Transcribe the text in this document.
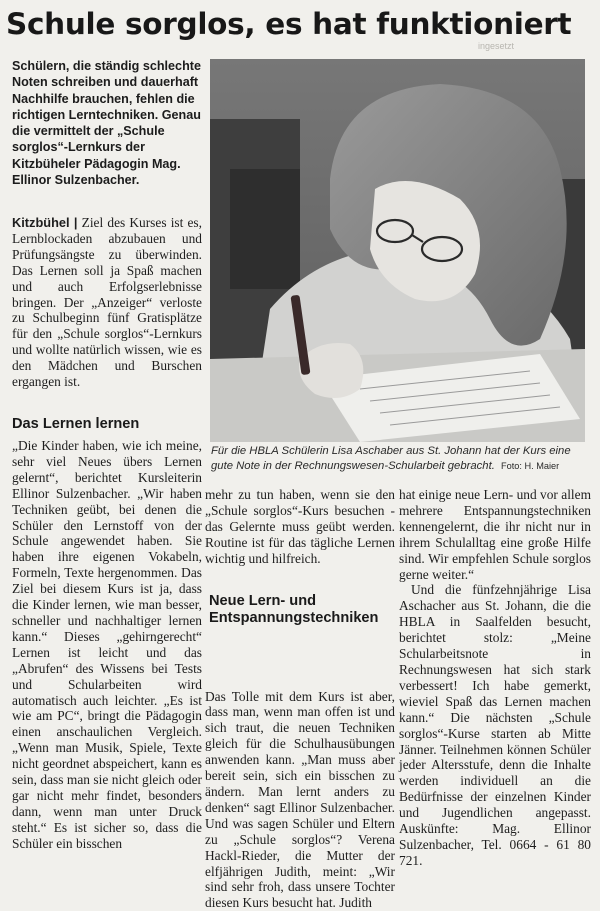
Schule sorglos, es hat funktioniert
ingesetzt

Schülern, die ständig schlechte Noten schreiben und dauerhaft Nachhilfe brauchen, fehlen die richtigen Lerntechniken. Genau die vermittelt der „Schule sorglos“-Lernkurs der Kitzbüheler Pädagogin Mag. Ellinor Sulzenbacher.

Für die HBLA Schülerin Lisa Aschaber aus St. Johann hat der Kurs eine gute Note in der Rechnungswesen-Schularbeit gebracht. Foto: H. Maier

Kitzbühel | Ziel des Kurses ist es, Lernblockaden abzubauen und Prüfungsängste zu überwinden. Das Lernen soll ja Spaß machen und auch Erfolgserlebnisse bringen. Der „Anzeiger“ verloste zu Schulbeginn fünf Gratisplätze für den „Schule sorglos“-Lernkurs und wollte natürlich wissen, wie es den Mädchen und Burschen ergangen ist.

Das Lernen lernen

„Die Kinder haben, wie ich meine, sehr viel Neues übers Lernen gelernt“, berichtet Kursleiterin Ellinor Sulzenbacher. „Wir haben Techniken geübt, bei denen die Schüler den Lernstoff von der Schule angewendet haben. Sie haben ihre eigenen Vokabeln, Formeln, Texte hergenommen. Das Ziel bei diesem Kurs ist ja, dass die Kinder lernen, wie man besser, schneller und nachhaltiger lernen kann.“ Dieses „gehirngerecht“ Lernen ist leicht und das „Abrufen“ des Wissens bei Tests und Schularbeiten wird automatisch auch leichter. „Es ist wie am PC“, bringt die Pädagogin einen anschaulichen Vergleich. „Wenn man Musik, Spiele, Texte nicht geordnet abspeichert, kann es sein, dass man sie nicht gleich oder gar nicht mehr findet, besonders dann, wenn man unter Druck steht.“ Es ist sicher so, dass die Schüler ein bisschen

mehr zu tun haben, wenn sie den „Schule sorglos“-Kurs besuchen - das Gelernte muss geübt werden. Routine ist für das tägliche Lernen wichtig und hilfreich.

Das Tolle mit dem Kurs ist aber, dass man, wenn man offen ist und sich traut, die neuen Techniken gleich für die Schulhausübungen anwenden kann. „Man muss aber bereit sein, sich ein bisschen zu ändern. Man lernt anders zu denken“ sagt Ellinor Sulzenbacher. Und was sagen Schüler und Eltern zu „Schule sorglos“? Verena Hackl-Rieder, die Mutter der elfjährigen Judith, meint: „Wir sind sehr froh, dass unsere Tochter diesen Kurs besucht hat. Judith

Neue Lern- und Entspannungstechniken

hat einige neue Lern- und vor allem mehrere Entspannungstechniken kennengelernt, die ihr nicht nur in ihrem Schulalltag eine große Hilfe sind. Wir empfehlen Schule sorglos gerne weiter.“

Und die fünfzehnjährige Lisa Aschacher aus St. Johann, die die HBLA in Saalfelden besucht, berichtet stolz: „Meine Schularbeitsnote in Rechnungswesen hat sich stark verbessert! Ich habe gemerkt, wieviel Spaß das Lernen machen kann.“ Die nächsten „Schule sorglos“-Kurse starten ab Mitte Jänner. Teilnehmen können Schüler jeder Altersstufe, denn die Inhalte werden individuell an die Bedürfnisse der einzelnen Kinder und Jugendlichen angepasst. Auskünfte: Mag. Ellinor Sulzenbacher, Tel. 0664 - 61 80 721.
